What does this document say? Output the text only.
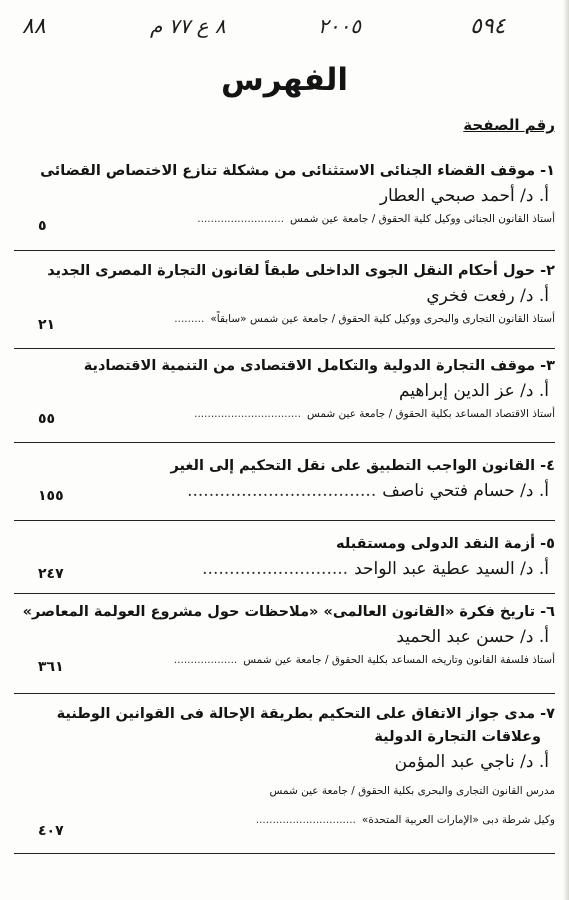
٨٨	٨ ع ٧٧ م	٢٠٠٥	٥٩٤
الفهرس
رقم الصفحة
١- موقف القضاء الجنائى الاستثنائى من مشكلة تنازع الاختصاص القضائى
أ. د/ أحمد صبحي العطار
أستاذ القانون الجنائى ووكيل كلية الحقوق / جامعة عين شمس..........................
٥
٢- حول أحكام النقل الجوى الداخلى طبقاً لقانون التجارة المصرى الجديد
أ. د/ رفعت فخري
أستاذ القانون التجارى والبحرى ووكيل كلية الحقوق / جامعة عين شمس «سابقاً».........
٢١
٣- موقف التجارة الدولية والتكامل الاقتصادى من التنمية الاقتصادية
أ. د/ عز الدين إبراهيم
أستاذ الاقتصاد المساعد بكلية الحقوق / جامعة عين شمس................................
٥٥
٤- القانون الواجب التطبيق على نقل التحكيم إلى الغير
أ. د/ حسام فتحي ناصف...................................
١٥٥
٥- أزمة النقد الدولى ومستقبله
أ. د/ السيد عطية عبد الواحد...........................
٢٤٧
٦- تاريخ فكرة «القانون العالمى» «ملاحظات حول مشروع العولمة المعاصر»
أ. د/ حسن عبد الحميد
أستاذ فلسفة القانون وتاريخه المساعد بكلية الحقوق / جامعة عين شمس...................
٣٦١
٧- مدى جواز الاتفاق على التحكيم بطريقة الإحالة فى القوانين الوطنية
وعلاقات التجارة الدولية
أ. د/ ناجي عبد المؤمن
مدرس القانون التجارى والبحرى بكلية الحقوق / جامعة عين شمس
وكيل شرطة دبى «الإمارات العربية المتحدة»..............................
٤٠٧
